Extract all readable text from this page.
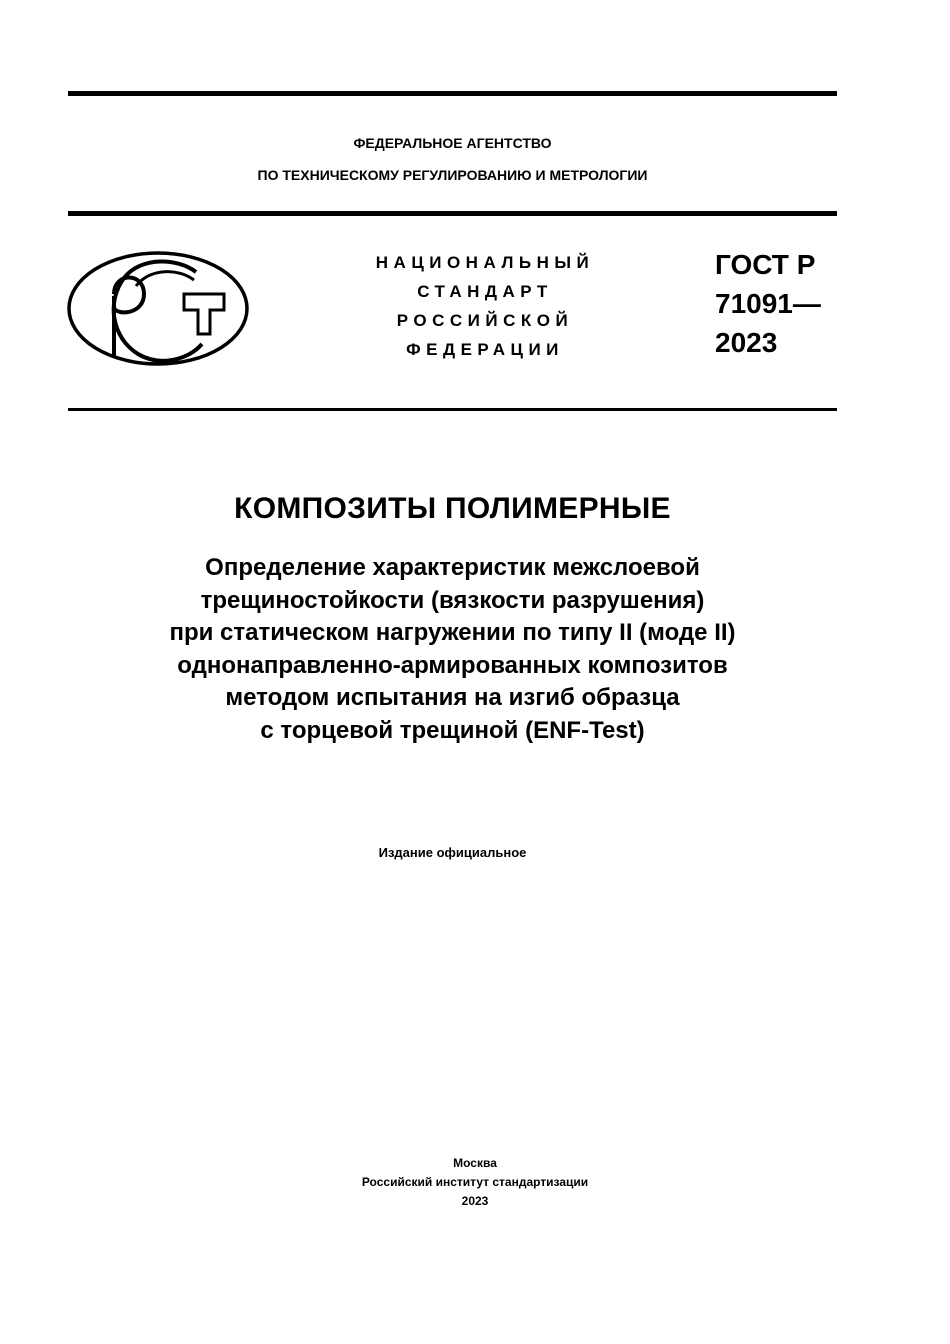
ФЕДЕРАЛЬНОЕ АГЕНТСТВО
ПО ТЕХНИЧЕСКОМУ РЕГУЛИРОВАНИЮ И МЕТРОЛОГИИ
НАЦИОНАЛЬНЫЙ
СТАНДАРТ
РОССИЙСКОЙ
ФЕДЕРАЦИИ
ГОСТ Р
71091—
2023
КОМПОЗИТЫ ПОЛИМЕРНЫЕ
Определение характеристик межслоевой
трещиностойкости (вязкости разрушения)
при статическом нагружении по типу II (моде II)
однонаправленно-армированных композитов
методом испытания на изгиб образца
с торцевой трещиной (ENF-Test)
Издание официальное
Москва
Российский институт стандартизации
2023
